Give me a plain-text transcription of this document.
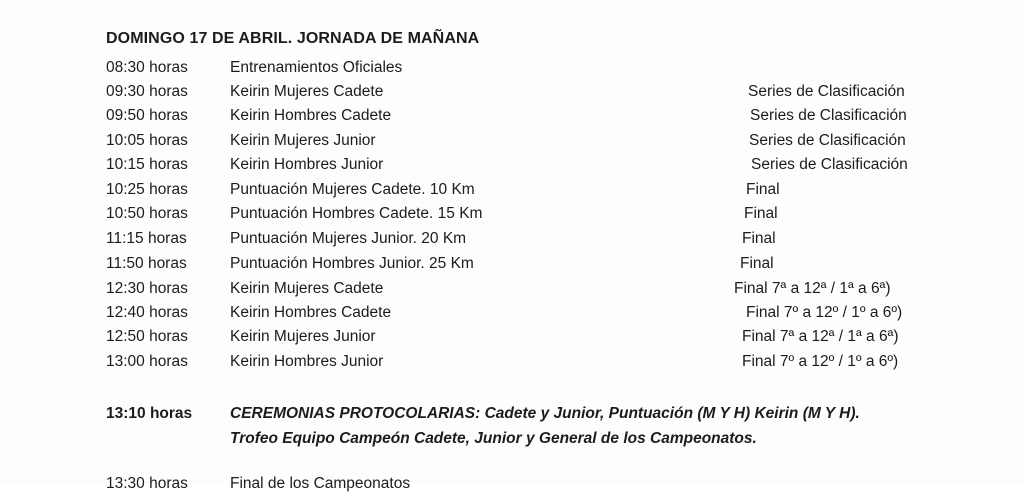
DOMINGO 17 DE ABRIL. JORNADA DE MAÑANA
08:30 horas	Entrenamientos Oficiales
09:30 horas	Keirin Mujeres Cadete	Series de Clasificación
09:50 horas	Keirin Hombres Cadete	Series de Clasificación
10:05 horas	Keirin Mujeres Junior	Series de Clasificación
10:15 horas	Keirin Hombres Junior	Series de Clasificación
10:25 horas	Puntuación Mujeres Cadete. 10 Km	Final
10:50 horas	Puntuación Hombres Cadete. 15 Km	Final
11:15 horas	Puntuación Mujeres Junior. 20 Km	Final
11:50 horas	Puntuación Hombres Junior. 25 Km	Final
12:30 horas	Keirin Mujeres Cadete	Final 7ª a 12ª / 1ª a 6ª)
12:40 horas	Keirin Hombres Cadete	Final 7º a 12º / 1º a 6º)
12:50 horas	Keirin Mujeres Junior	Final 7ª a 12ª / 1ª a 6ª)
13:00 horas	Keirin Hombres Junior	Final 7º a 12º / 1º a 6º)
13:10 horas CEREMONIAS PROTOCOLARIAS: Cadete y Junior, Puntuación (M Y H) Keirin (M Y H).
Trofeo Equipo Campeón Cadete, Junior y General de los Campeonatos.
13:30 horas	Final de los Campeonatos
